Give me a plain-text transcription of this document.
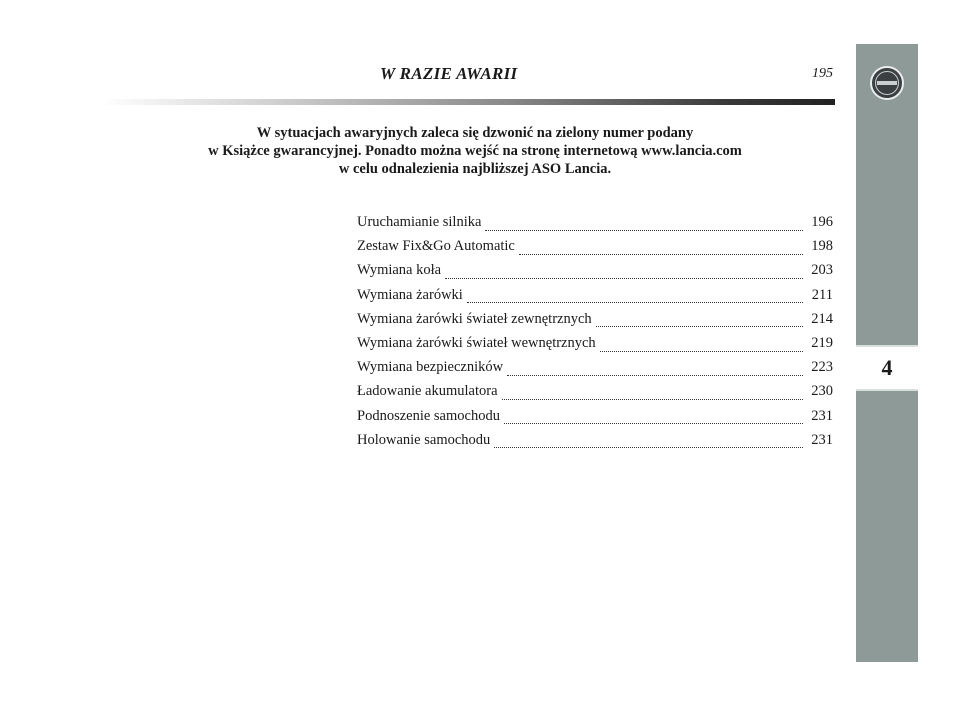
W RAZIE AWARII	195
4
W sytuacjach awaryjnych zaleca się dzwonić na zielony numer podany
w Książce gwarancyjnej. Ponadto można wejść na stronę internetową www.lancia.com
w celu odnalezienia najbliższej ASO Lancia.
Uruchamianie silnika	196
Zestaw Fix&Go Automatic	198
Wymiana koła	203
Wymiana żarówki	211
Wymiana żarówki świateł zewnętrznych	214
Wymiana żarówki świateł wewnętrznych	219
Wymiana bezpieczników	223
Ładowanie akumulatora	230
Podnoszenie samochodu	231
Holowanie samochodu	231
